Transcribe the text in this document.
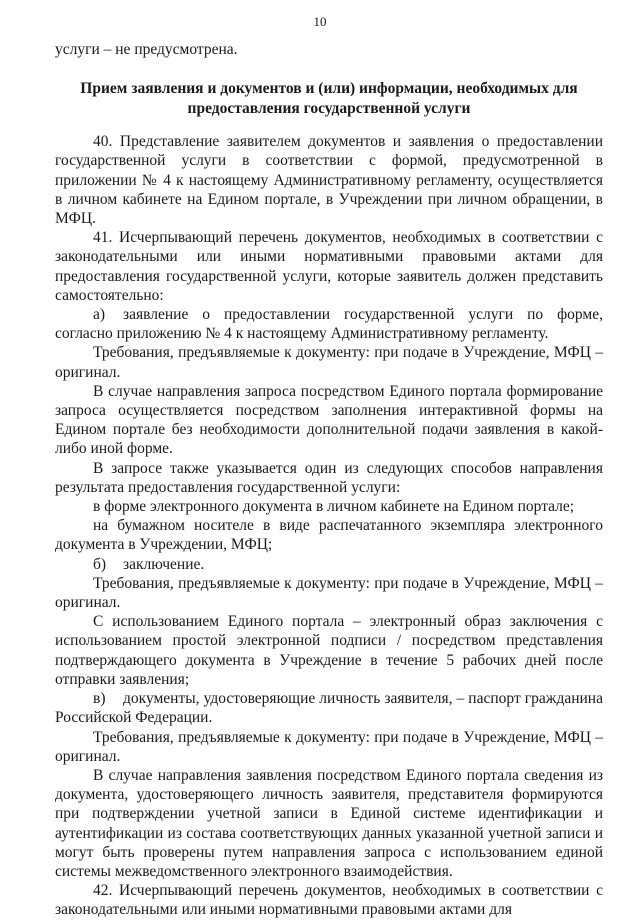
10

услуги – не предусмотрена.

Прием заявления и документов и (или) информации, необходимых для предоставления государственной услуги

40. Представление заявителем документов и заявления о предоставлении государственной услуги в соответствии с формой, предусмотренной в приложении № 4 к настоящему Административному регламенту, осуществляется в личном кабинете на Едином портале, в Учреждении при личном обращении, в МФЦ.

41. Исчерпывающий перечень документов, необходимых в соответствии с законодательными или иными нормативными правовыми актами для предоставления государственной услуги, которые заявитель должен представить самостоятельно:

а) заявление о предоставлении государственной услуги по форме, согласно приложению № 4 к настоящему Административному регламенту.

Требования, предъявляемые к документу: при подаче в Учреждение, МФЦ – оригинал.

В случае направления запроса посредством Единого портала формирование запроса осуществляется посредством заполнения интерактивной формы на Едином портале без необходимости дополнительной подачи заявления в какой-либо иной форме.

В запросе также указывается один из следующих способов направления результата предоставления государственной услуги:

в форме электронного документа в личном кабинете на Едином портале;

на бумажном носителе в виде распечатанного экземпляра электронного документа в Учреждении, МФЦ;

б) заключение.

Требования, предъявляемые к документу: при подаче в Учреждение, МФЦ – оригинал.

С использованием Единого портала – электронный образ заключения с использованием простой электронной подписи / посредством представления подтверждающего документа в Учреждение в течение 5 рабочих дней после отправки заявления;

в) документы, удостоверяющие личность заявителя, – паспорт гражданина Российской Федерации.

Требования, предъявляемые к документу: при подаче в Учреждение, МФЦ – оригинал.

В случае направления заявления посредством Единого портала сведения из документа, удостоверяющего личность заявителя, представителя формируются при подтверждении учетной записи в Единой системе идентификации и аутентификации из состава соответствующих данных указанной учетной записи и могут быть проверены путем направления запроса с использованием единой системы межведомственного электронного взаимодействия.

42. Исчерпывающий перечень документов, необходимых в соответствии с законодательными или иными нормативными правовыми актами для
